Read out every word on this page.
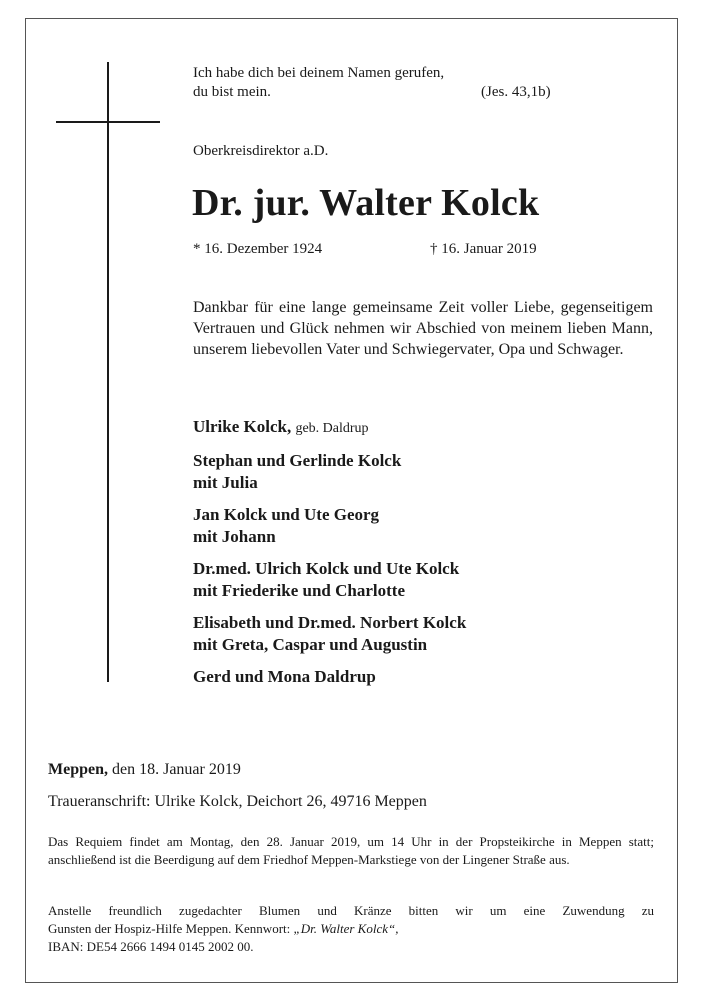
Ich habe dich bei deinem Namen gerufen,
du bist mein.	(Jes. 43,1b)
Oberkreisdirektor a.D.
Dr. jur. Walter Kolck
* 16. Dezember 1924	† 16. Januar 2019
Dankbar für eine lange gemeinsame Zeit voller Liebe, gegenseitigem Vertrauen und Glück nehmen wir Abschied von meinem lieben Mann, unserem liebevollen Vater und Schwiegervater, Opa und Schwager.
Ulrike Kolck, geb. Daldrup
Stephan und Gerlinde Kolck
mit Julia
Jan Kolck und Ute Georg
mit Johann
Dr.med. Ulrich Kolck und Ute Kolck
mit Friederike und Charlotte
Elisabeth und Dr.med. Norbert Kolck
mit Greta, Caspar und Augustin
Gerd und Mona Daldrup
Meppen, den 18. Januar 2019
Traueranschrift: Ulrike Kolck, Deichort 26, 49716 Meppen
Das Requiem findet am Montag, den 28. Januar 2019, um 14 Uhr in der Propsteikirche in Meppen statt; anschließend ist die Beerdigung auf dem Friedhof Meppen-Markstiege von der Lingener Straße aus.
Anstelle freundlich zugedachter Blumen und Kränze bitten wir um eine Zuwendung zu
Gunsten der Hospiz-Hilfe Meppen. Kennwort: „Dr. Walter Kolck“,
IBAN: DE54 2666 1494 0145 2002 00.
